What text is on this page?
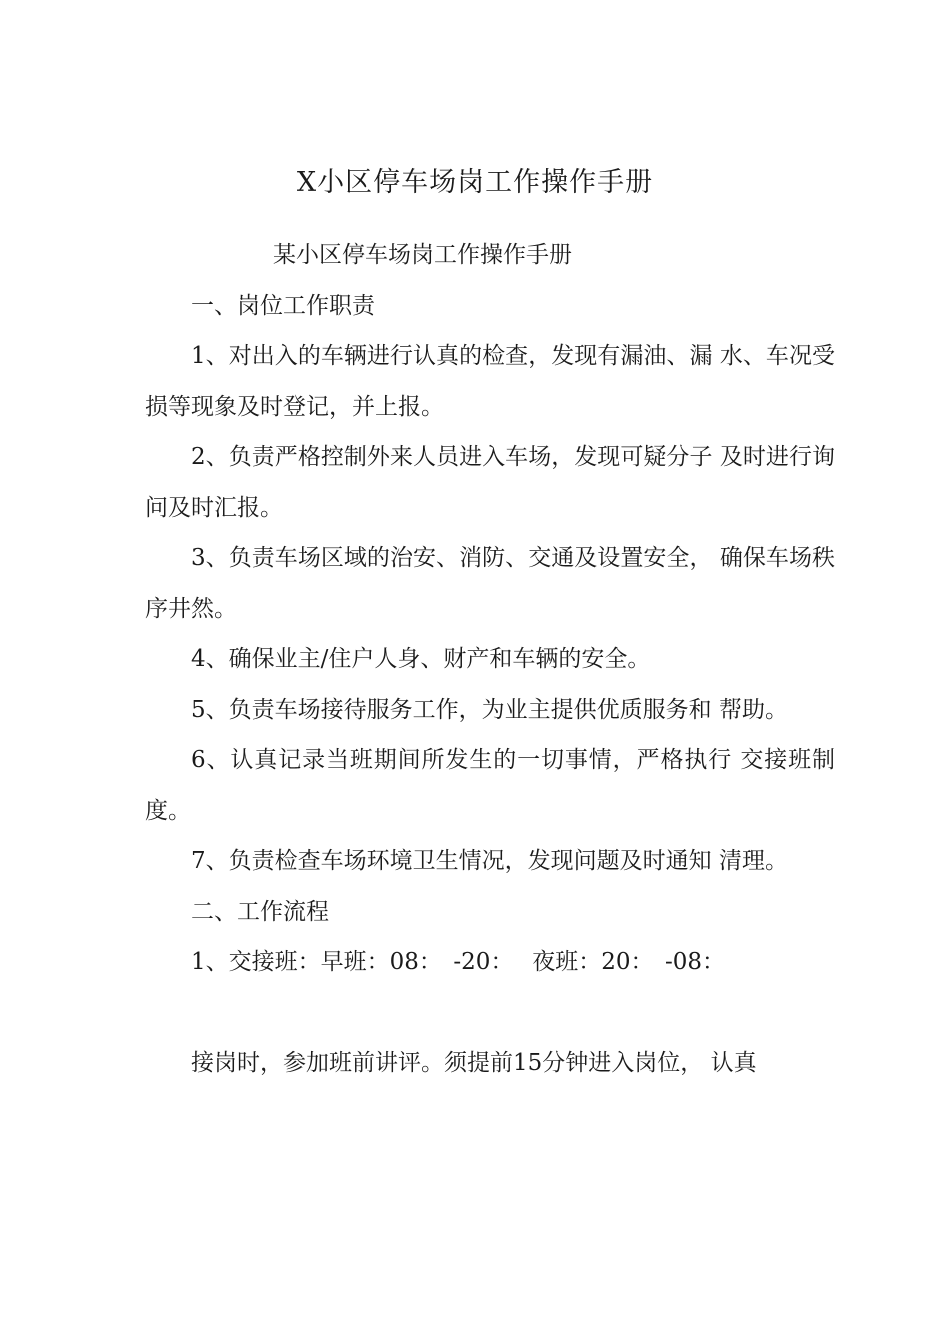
X小区停车场岗工作操作手册

某小区停车场岗工作操作手册

一、岗位工作职责

1、对出入的车辆进行认真的检查，发现有漏油、漏 水、车况受损等现象及时登记，并上报。

2、负责严格控制外来人员进入车场，发现可疑分子 及时进行询问及时汇报。

3、负责车场区域的治安、消防、交通及设置安全， 确保车场秩序井然。

4、确保业主/住户人身、财产和车辆的安全。

5、负责车场接待服务工作，为业主提供优质服务和 帮助。

6、认真记录当班期间所发生的一切事情，严格执行 交接班制度。

7、负责检查车场环境卫生情况，发现问题及时通知 清理。

二、工作流程

1、交接班：早班：08：　-20：　 夜班：20：　-08：

接岗时，参加班前讲评。须提前15分钟进入岗位， 认真
